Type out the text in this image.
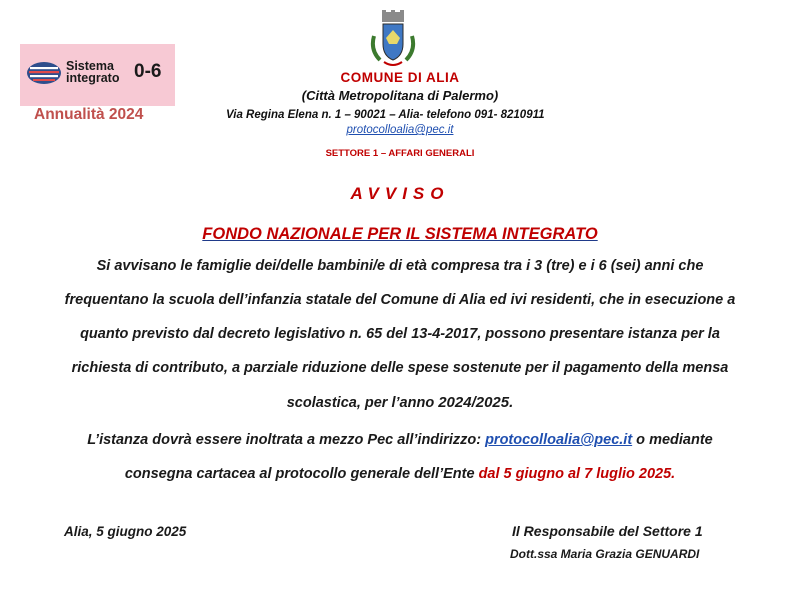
Sistema
integrato 0-6
Annualità 2024
COMUNE DI ALIA
(Città Metropolitana di Palermo)
Via Regina Elena n. 1 – 90021 – Alia- telefono 091- 8210911
protocolloalia@pec.it
SETTORE 1 – AFFARI GENERALI
AVVISO
FONDO NAZIONALE PER IL SISTEMA INTEGRATO
Si avvisano le famiglie dei/delle bambini/e di età compresa tra i 3 (tre) e i 6 (sei) anni che
frequentano la scuola dell’infanzia statale del Comune di Alia ed ivi residenti, che in esecuzione a
quanto previsto dal decreto legislativo n. 65 del 13-4-2017, possono presentare istanza per la
richiesta di contributo, a parziale riduzione delle spese sostenute per il pagamento della mensa
scolastica, per l’anno 2024/2025.
L’istanza dovrà essere inoltrata a mezzo Pec all’indirizzo: protocolloalia@pec.it o mediante
consegna cartacea al protocollo generale dell’Ente dal 5 giugno al 7 luglio 2025.
Alia, 5 giugno 2025	Il Responsabile del Settore 1
Dott.ssa Maria Grazia GENUARDI
